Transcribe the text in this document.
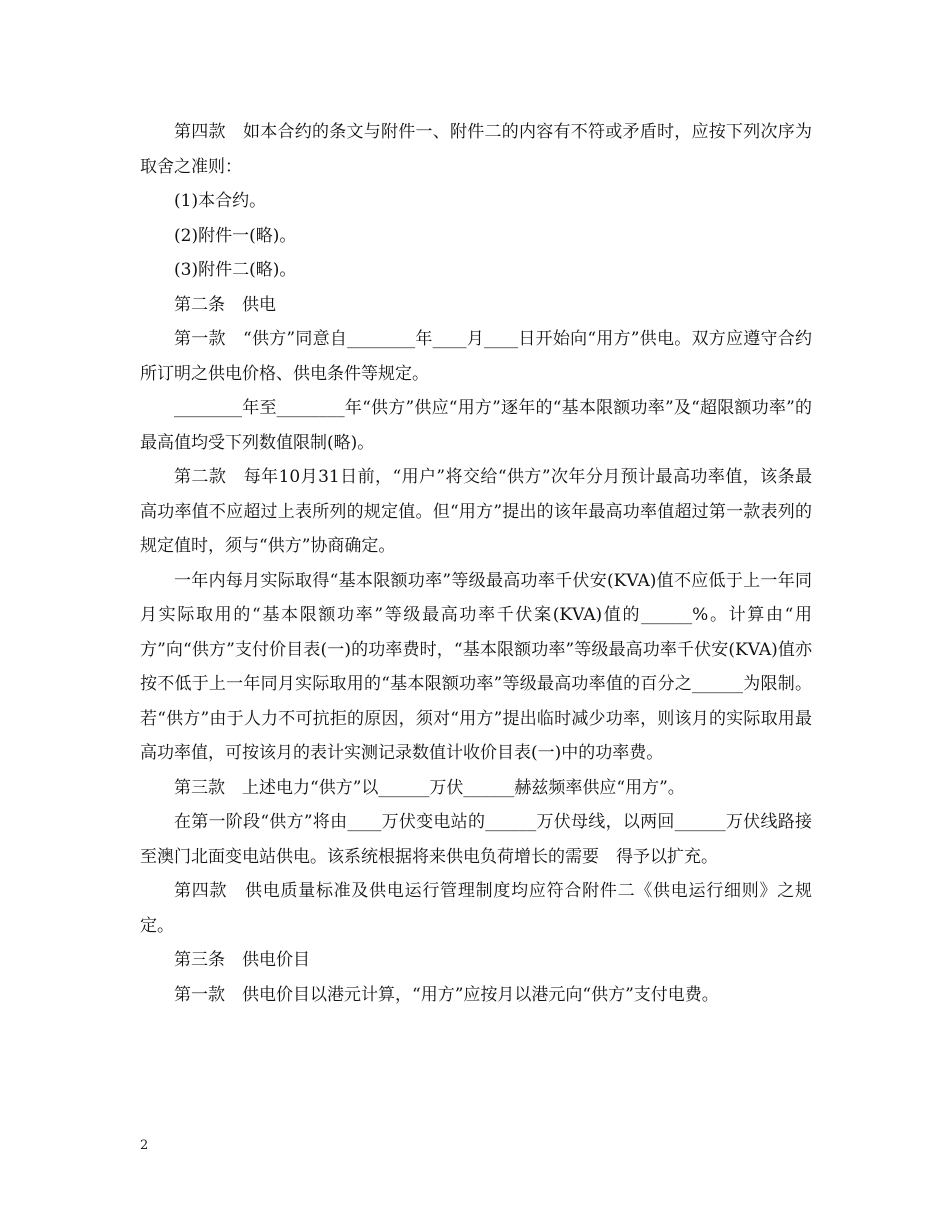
第四款　如本合约的条文与附件一、附件二的内容有不符或矛盾时，应按下列次序为取舍之准则：

(1)本合约。

(2)附件一(略)。

(3)附件二(略)。

第二条　供电

第一款　“供方”同意自________年____月____日开始向“用方”供电。双方应遵守合约所订明之供电价格、供电条件等规定。

________年至________年“供方”供应“用方”逐年的“基本限额功率”及“超限额功率”的最高值均受下列数值限制(略)。

第二款　每年10月31日前，“用户”将交给“供方”次年分月预计最高功率值，该条最高功率值不应超过上表所列的规定值。但“用方”提出的该年最高功率值超过第一款表列的规定值时，须与“供方”协商确定。

一年内每月实际取得“基本限额功率”等级最高功率千伏安(KVA)值不应低于上一年同月实际取用的“基本限额功率”等级最高功率千伏案(KVA)值的______%。计算由“用方”向“供方”支付价目表(一)的功率费时，“基本限额功率”等级最高功率千伏安(KVA)值亦按不低于上一年同月实际取用的“基本限额功率”等级最高功率值的百分之______为限制。若“供方”由于人力不可抗拒的原因，须对“用方”提出临时减少功率，则该月的实际取用最高功率值，可按该月的表计实测记录数值计收价目表(一)中的功率费。

第三款　上述电力“供方”以______万伏______赫兹频率供应“用方”。

在第一阶段“供方”将由____万伏变电站的______万伏母线，以两回______万伏线路接至澳门北面变电站供电。该系统根据将来供电负荷增长的需要　得予以扩充。

第四款　供电质量标准及供电运行管理制度均应符合附件二《供电运行细则》之规定。

第三条　供电价目

第一款　供电价目以港元计算，“用方”应按月以港元向“供方”支付电费。

2
